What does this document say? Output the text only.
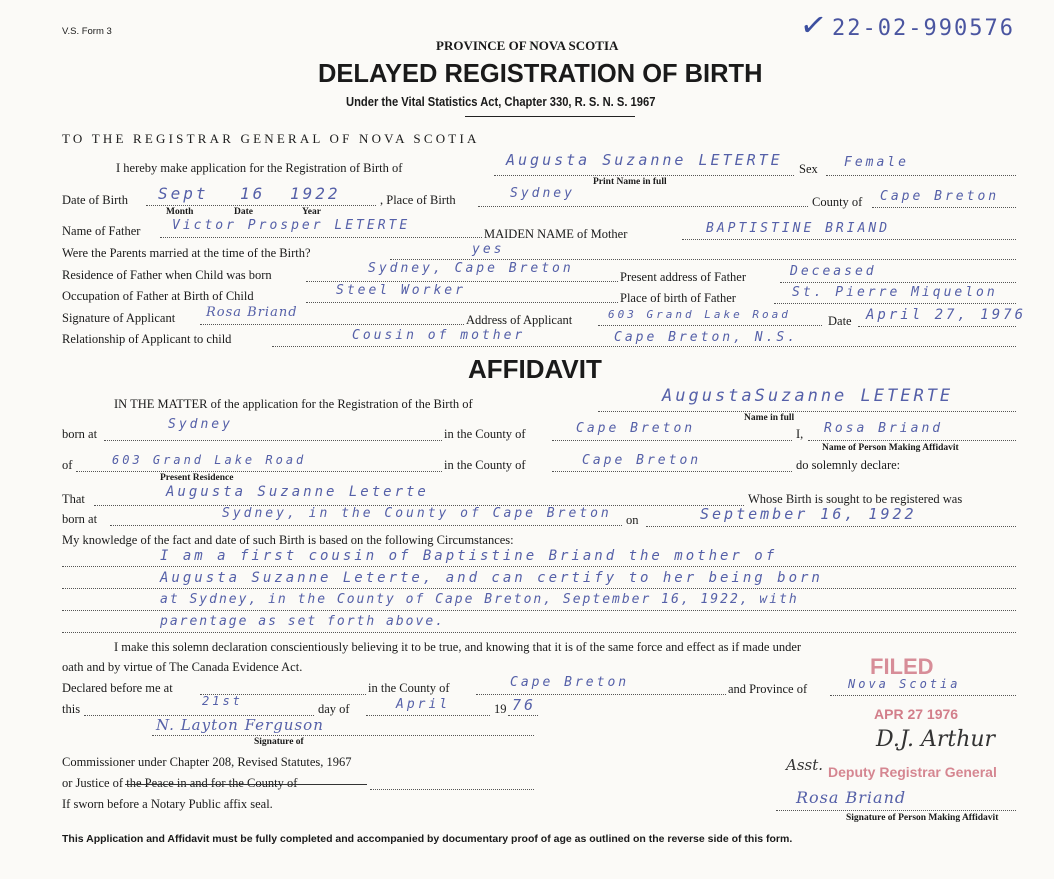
V.S. Form 3	✓ 22-02-990576
PROVINCE OF NOVA SCOTIA
DELAYED REGISTRATION OF BIRTH
Under the Vital Statistics Act, Chapter 330, R. S. N. S. 1967
TO THE REGISTRAR GENERAL OF NOVA SCOTIA
I hereby make application for the Registration of Birth of	Augusta Suzanne LETERTE Sex Female
Print Name in full
Date of Birth Sept 16 1922
Month	Date	Year
, Place of Birth	Sydney
County of Cape Breton
Name of Father Victor Prosper LETERTE
MAIDEN NAME of Mother	BAPTISTINE BRIAND
Were the Parents married at the time of the Birth?	yes
Residence of Father when Child was born	Sydney, Cape Breton
Present address of Father	Deceased
Occupation of Father at Birth of Child	Steel Worker	Place of birth of Father	St. Pierre Miquelon
Signature of Applicant Rosa Briand	Address of Applicant	603 Grand Lake Road	Date April 27, 1976
Relationship of Applicant to child	Cousin of mother	Cape Breton, N.S.
AFFIDAVIT
IN THE MATTER of the application for the Registration of the Birth of	AugustaSuzanne LETERTE
Name in full
born at
Sydney
in the County of	Cape Breton	I, Rosa Briand
Name of Person Making Affidavit
of	603 Grand Lake Road
Present Residence
in the County of	Cape Breton	do solemnly declare:
That	Augusta Suzanne Leterte	Whose Birth is sought to be registered was
born at	Sydney, in the County of Cape Breton on	September 16, 1922
My knowledge of the fact and date of such Birth is based on the following Circumstances:
I am a first cousin of Baptistine Briand the mother of
Augusta Suzanne Leterte, and can certify to her being born
at Sydney, in the County of Cape Breton, September 16, 1922, with
parentage as set forth above.
I make this solemn declaration conscientiously believing it to be true, and knowing that it is of the same force and effect as if made under
oath and by virtue of The Canada Evidence Act.
Declared before me at	in the County of	Cape Breton	and Province of	Nova Scotia
this
21st
day of	April	19 76
N. Layton Ferguson
Signature of
Commissioner under Chapter 208, Revised Statutes, 1967
or Justice of the Peace in and for the County of
If sworn before a Notary Public affix seal.
FILED
APR 27 1976
D.J. Arthur
Asst. Deputy Registrar General
Rosa Briand
Signature of Person Making Affidavit
This Application and Affidavit must be fully completed and accompanied by documentary proof of age as outlined on the reverse side of this form.
